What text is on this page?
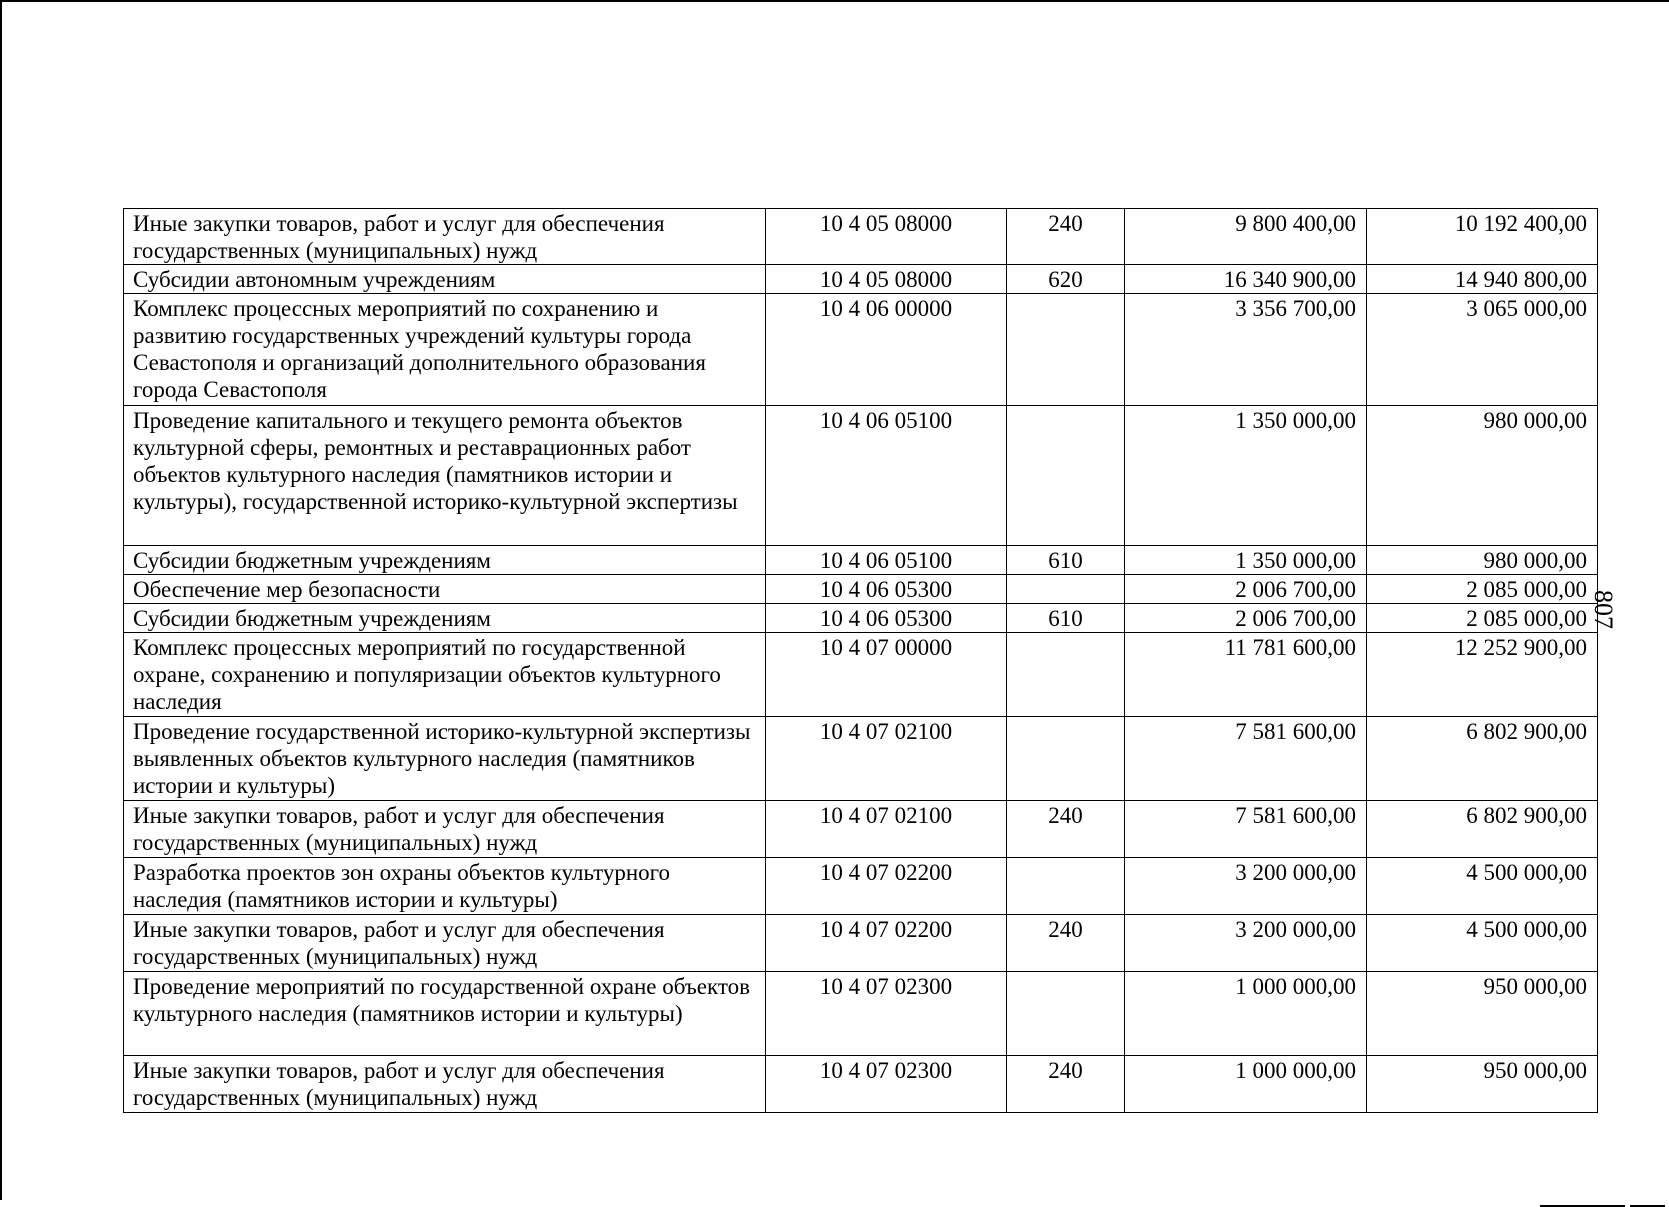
Иные закупки товаров, работ и услуг для обеспечения государственных (муниципальных) нужд	10 4 05 08000	240	9 800 400,00	10 192 400,00
Субсидии автономным учреждениям	10 4 05 08000	620	16 340 900,00	14 940 800,00
Комплекс процессных мероприятий по сохранению и развитию государственных учреждений культуры города Севастополя и организаций дополнительного образования города Севастополя	10 4 06 00000		3 356 700,00	3 065 000,00
Проведение капитального и текущего ремонта объектов культурной сферы, ремонтных и реставрационных работ объектов культурного наследия (памятников истории и культуры), государственной историко-культурной экспертизы	10 4 06 05100		1 350 000,00	980 000,00
Субсидии бюджетным учреждениям	10 4 06 05100	610	1 350 000,00	980 000,00
Обеспечение мер безопасности	10 4 06 05300		2 006 700,00	2 085 000,00
Субсидии бюджетным учреждениям	10 4 06 05300	610	2 006 700,00	2 085 000,00
Комплекс процессных мероприятий по государственной охране, сохранению и популяризации объектов культурного наследия	10 4 07 00000		11 781 600,00	12 252 900,00
Проведение государственной историко-культурной экспертизы выявленных объектов культурного наследия (памятников истории и культуры)	10 4 07 02100		7 581 600,00	6 802 900,00
Иные закупки товаров, работ и услуг для обеспечения государственных (муниципальных) нужд	10 4 07 02100	240	7 581 600,00	6 802 900,00
Разработка проектов зон охраны объектов культурного наследия (памятников истории и культуры)	10 4 07 02200		3 200 000,00	4 500 000,00
Иные закупки товаров, работ и услуг для обеспечения государственных (муниципальных) нужд	10 4 07 02200	240	3 200 000,00	4 500 000,00
Проведение мероприятий по государственной охране объектов культурного наследия (памятников истории и культуры)	10 4 07 02300		1 000 000,00	950 000,00
Иные закупки товаров, работ и услуг для обеспечения государственных (муниципальных) нужд	10 4 07 02300	240	1 000 000,00	950 000,00
807
